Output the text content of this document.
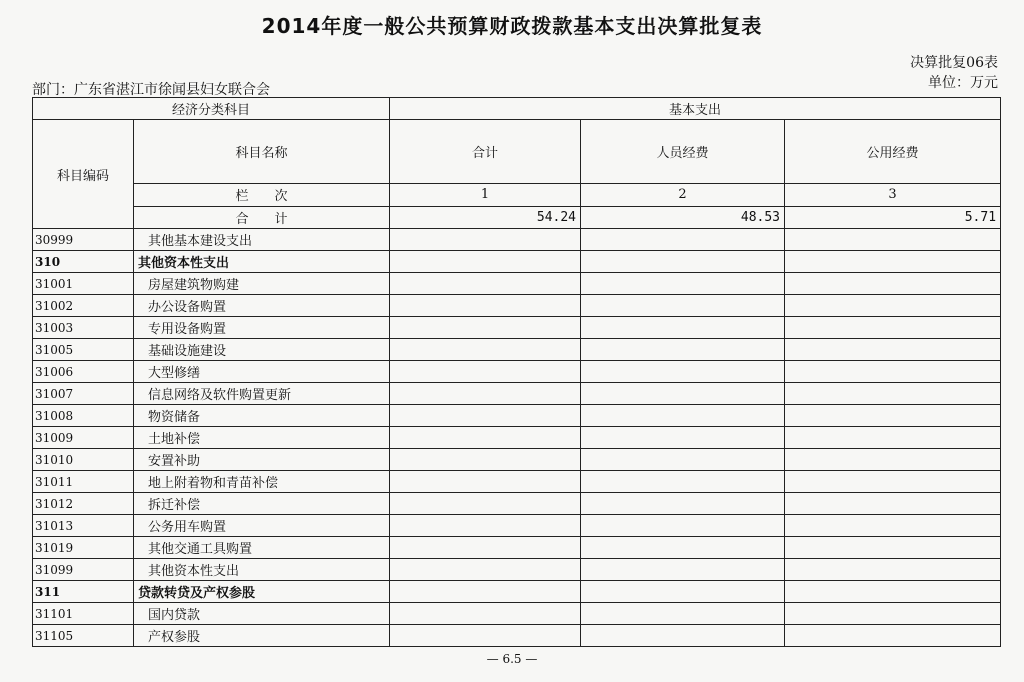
2014年度一般公共预算财政拨款基本支出决算批复表
决算批复06表
部门：广东省湛江市徐闻县妇女联合会	单位：万元
经济分类科目		基本支出		
科目编码	科目名称	合计	人员经费	公用经费
	栏　　次	1	2	3
	合　　计	54.24	48.53	5.71
30999	其他基本建设支出			
310	其他资本性支出			
31001	房屋建筑物购建			
31002	办公设备购置			
31003	专用设备购置			
31005	基础设施建设			
31006	大型修缮			
31007	信息网络及软件购置更新			
31008	物资储备			
31009	土地补偿			
31010	安置补助			
31011	地上附着物和青苗补偿			
31012	拆迁补偿			
31013	公务用车购置			
31019	其他交通工具购置			
31099	其他资本性支出			
311	贷款转贷及产权参股			
31101	国内贷款			
31105	产权参股			
— 6.5 —
